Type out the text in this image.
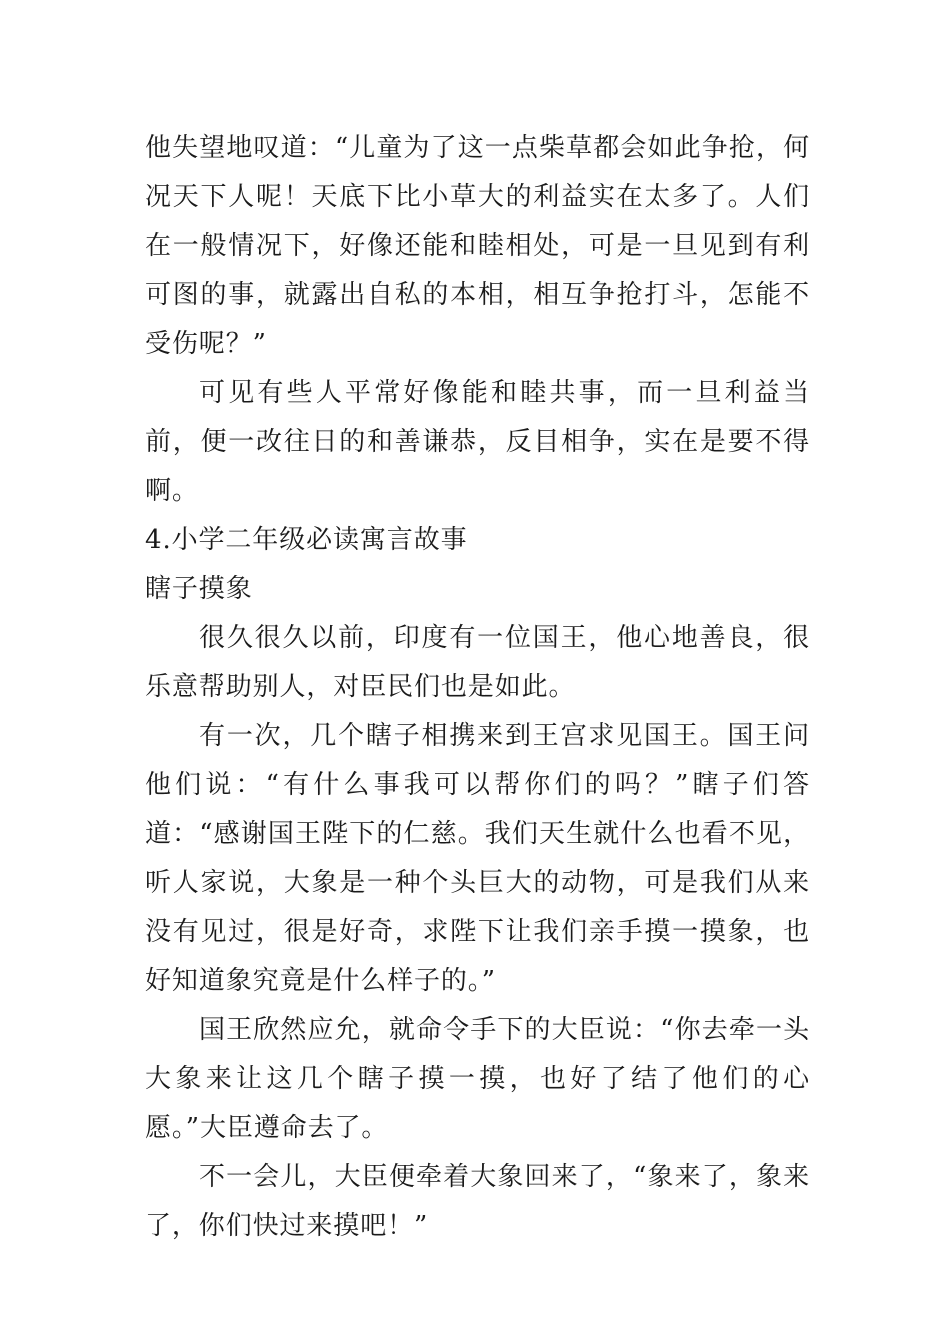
他失望地叹道：“儿童为了这一点柴草都会如此争抢，何况天下人呢！天底下比小草大的利益实在太多了。人们在一般情况下，好像还能和睦相处，可是一旦见到有利可图的事，就露出自私的本相，相互争抢打斗，怎能不受伤呢？”

可见有些人平常好像能和睦共事，而一旦利益当前，便一改往日的和善谦恭，反目相争，实在是要不得啊。

4.小学二年级必读寓言故事

瞎子摸象

很久很久以前，印度有一位国王，他心地善良，很乐意帮助别人，对臣民们也是如此。

有一次，几个瞎子相携来到王宫求见国王。国王问他们说：“有什么事我可以帮你们的吗？”瞎子们答道：“感谢国王陛下的仁慈。我们天生就什么也看不见，听人家说，大象是一种个头巨大的动物，可是我们从来没有见过，很是好奇，求陛下让我们亲手摸一摸象，也好知道象究竟是什么样子的。”

国王欣然应允，就命令手下的大臣说：“你去牵一头大象来让这几个瞎子摸一摸，也好了结了他们的心愿。”大臣遵命去了。

不一会儿，大臣便牵着大象回来了，“象来了，象来了，你们快过来摸吧！”
